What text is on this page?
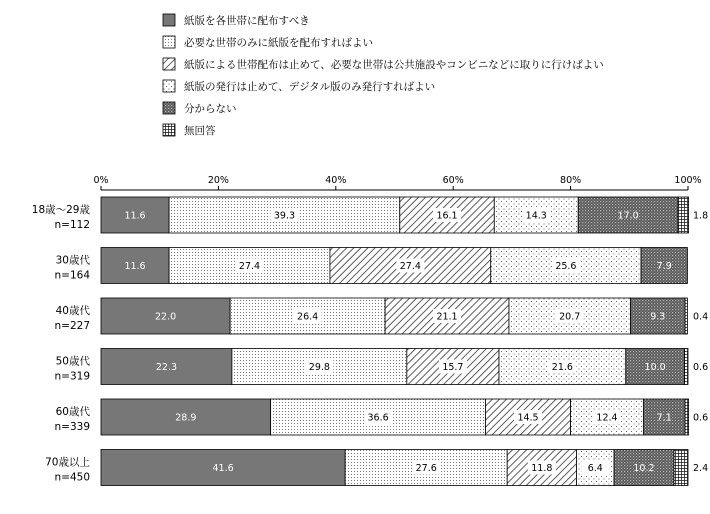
紙版を各世帯に配布すべき
必要な世帯のみに紙版を配布すればよい
紙版による世帯配布は止めて、必要な世帯は公共施設やコンビニなどに取りに行けばよい
紙版の発行は止めて、デジタル版のみ発行すればよい
分からない
無回答
0%	20%	40%	60%	80%	100%
18歳～29歳
n=112
11.6	39.3	16.1	14.3	17.0	1.8
30歳代
n=164
11.6	27.4	27.4	25.6	7.9
40歳代
n=227
22.0	26.4	21.1	20.7	9.3	0.4
50歳代
n=319
22.3	29.8	15.7	21.6	10.0	0.6
60歳代
n=339
28.9	36.6	14.5	12.4	7.1 0.6
70歳以上
n=450
41.6	27.6	11.8	6.4	10.2	2.4
